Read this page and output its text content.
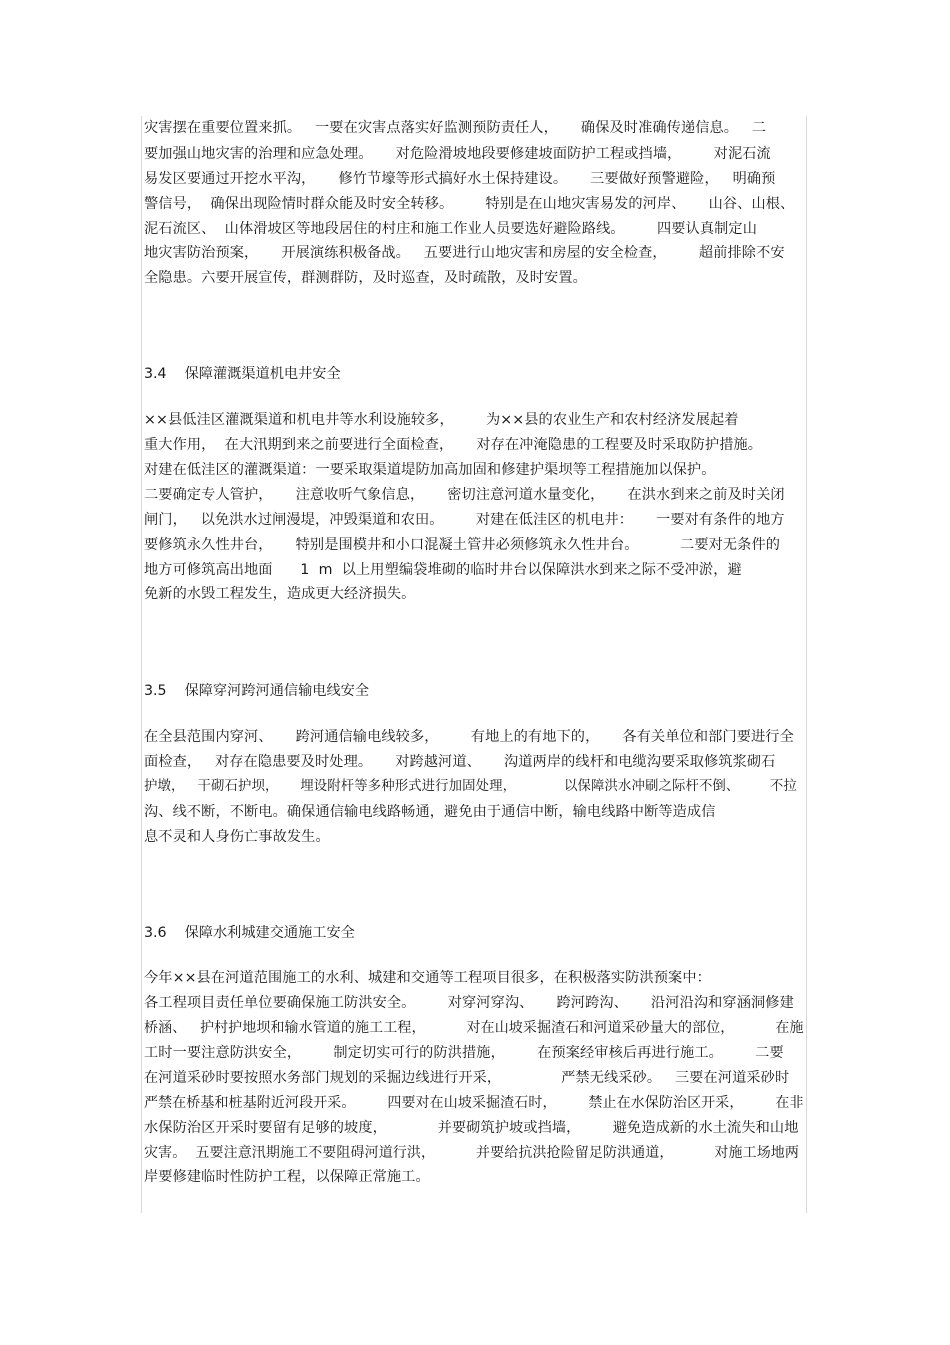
灾害摆在重要位置来抓。   一要在灾害点落实好监测预防责任人，     确保及时准确传递信息。   二
要加强山地灾害的治理和应急处理。     对危险滑坡地段要修建坡面防护工程或挡墙，       对泥石流
易发区要通过开挖水平沟，     修竹节壕等形式搞好水土保持建设。     三要做好预警避险，   明确预
警信号，  确保出现险情时群众能及时安全转移。       特别是在山地灾害易发的河岸、     山谷、山根、
泥石流区、  山体滑坡区等地段居住的村庄和施工作业人员要选好避险路线。       四要认真制定山
地灾害防治预案，     开展演练积极备战。   五要进行山地灾害和房屋的安全检查，       超前排除不安
全隐患。六要开展宣传，群测群防，及时巡查，及时疏散，及时安置。
3.4    保障灌溉渠道机电井安全
××县低洼区灌溉渠道和机电井等水利设施较多，       为××县的农业生产和农村经济发展起着
重大作用，  在大汛期到来之前要进行全面检查，     对存在冲淹隐患的工程要及时采取防护措施。
对建在低洼区的灌溉渠道：一要采取渠道堤防加高加固和修建护渠坝等工程措施加以保护。
二要确定专人管护，     注意收听气象信息，     密切注意河道水量变化，     在洪水到来之前及时关闭
闸门，   以免洪水过闸漫堤，冲毁渠道和农田。       对建在低洼区的机电井：     一要对有条件的地方
要修筑永久性井台，     特别是围模井和小口混凝土管井必须修筑永久性井台。         二要对无条件的
地方可修筑高出地面      1  m  以上用塑编袋堆砌的临时井台以保障洪水到来之际不受冲淤，避
免新的水毁工程发生，造成更大经济损失。
3.5    保障穿河跨河通信输电线安全
在全县范围内穿河、     跨河通信输电线较多，       有地上的有地下的，     各有关单位和部门要进行全
面检查，   对存在隐患要及时处理。     对跨越河道、     沟道两岸的线杆和电缆沟要采取修筑浆砌石
护墩，   干砌石护坝，     埋设附杆等多种形式进行加固处理，           以保障洪水冲刷之际杆不倒、       不拉
沟、线不断，不断电。确保通信输电线路畅通，避免由于通信中断，输电线路中断等造成信
息不灵和人身伤亡事故发生。
3.6    保障水利城建交通施工安全
今年××县在河道范围施工的水利、城建和交通等工程项目很多，在积极落实防洪预案中：
各工程项目责任单位要确保施工防洪安全。       对穿河穿沟、     跨河跨沟、     沿河沿沟和穿涵洞修建
桥涵、   护村护地坝和输水管道的施工工程，         对在山坡采掘渣石和河道采砂量大的部位，         在施
工时一要注意防洪安全，       制定切实可行的防洪措施，       在预案经审核后再进行施工。       二要
在河道采砂时要按照水务部门规划的采掘边线进行开采，             严禁无线采砂。   三要在河道采砂时
严禁在桥基和桩基附近河段开采。       四要对在山坡采掘渣石时，       禁止在水保防治区开采，       在非
水保防治区开采时要留有足够的坡度，           并要砌筑护坡或挡墙，       避免造成新的水土流失和山地
灾害。  五要注意汛期施工不要阻碍河道行洪，         并要给抗洪抢险留足防洪通道，         对施工场地两
岸要修建临时性防护工程，以保障正常施工。
